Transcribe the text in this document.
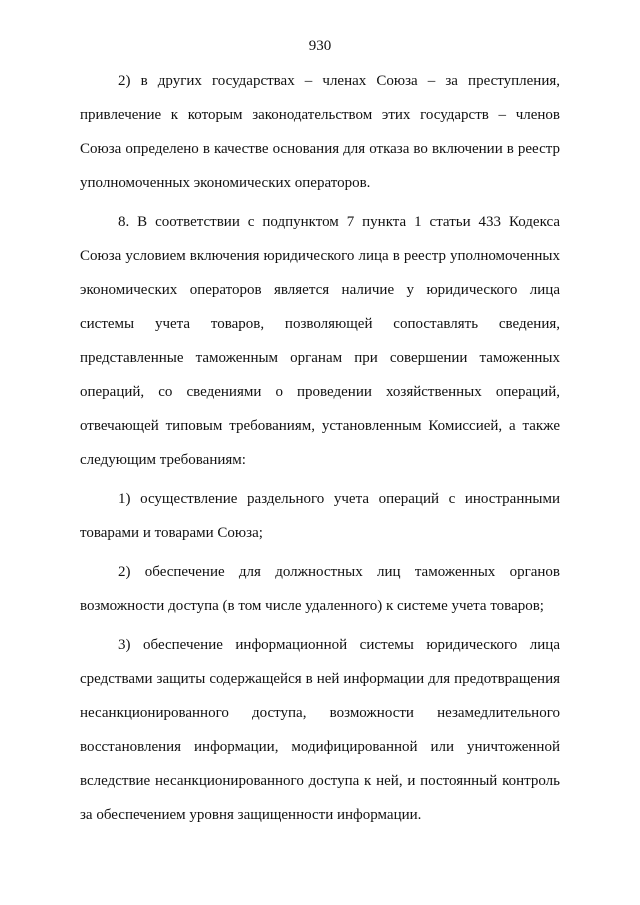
930

2) в других государствах – членах Союза – за преступления, привлечение к которым законодательством этих государств – членов Союза определено в качестве основания для отказа во включении в реестр уполномоченных экономических операторов.

8. В соответствии с подпунктом 7 пункта 1 статьи 433 Кодекса Союза условием включения юридического лица в реестр уполномоченных экономических операторов является наличие у юридического лица системы учета товаров, позволяющей сопоставлять сведения, представленные таможенным органам при совершении таможенных операций, со сведениями о проведении хозяйственных операций, отвечающей типовым требованиям, установленным Комиссией, а также следующим требованиям:

1) осуществление раздельного учета операций с иностранными товарами и товарами Союза;

2) обеспечение для должностных лиц таможенных органов возможности доступа (в том числе удаленного) к системе учета товаров;

3) обеспечение информационной системы юридического лица средствами защиты содержащейся в ней информации для предотвращения несанкционированного доступа, возможности незамедлительного восстановления информации, модифицированной или уничтоженной вследствие несанкционированного доступа к ней, и постоянный контроль за обеспечением уровня защищенности информации.
